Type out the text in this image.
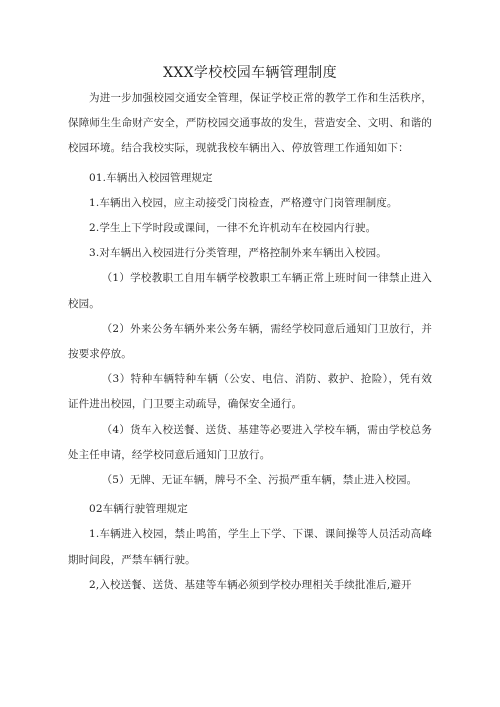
XXX学校校园车辆管理制度

为进一步加强校园交通安全管理，保证学校正常的教学工作和生活秩序，保障师生生命财产安全，严防校园交通事故的发生，营造安全、文明、和谐的校园环境。结合我校实际，现就我校车辆出入、停放管理工作通知如下：

01.车辆出入校园管理规定

1.车辆出入校园，应主动接受门岗检查，严格遵守门岗管理制度。

2.学生上下学时段或课间，一律不允许机动车在校园内行驶。

3.对车辆出入校园进行分类管理，严格控制外来车辆出入校园。

（1）学校教职工自用车辆学校教职工车辆正常上班时间一律禁止进入校园。

（2）外来公务车辆外来公务车辆，需经学校同意后通知门卫放行，并按要求停放。

（3）特种车辆特种车辆（公安、电信、消防、救护、抢险），凭有效证件进出校园，门卫要主动疏导，确保安全通行。

（4）货车入校送餐、送货、基建等必要进入学校车辆，需由学校总务处主任申请，经学校同意后通知门卫放行。

（5）无牌、无证车辆，牌号不全、污损严重车辆，禁止进入校园。

02车辆行驶管理规定

1.车辆进入校园，禁止鸣笛，学生上下学、下课、课间操等人员活动高峰期时间段，严禁车辆行驶。

2,入校送餐、送货、基建等车辆必须到学校办理相关手续批准后,避开
